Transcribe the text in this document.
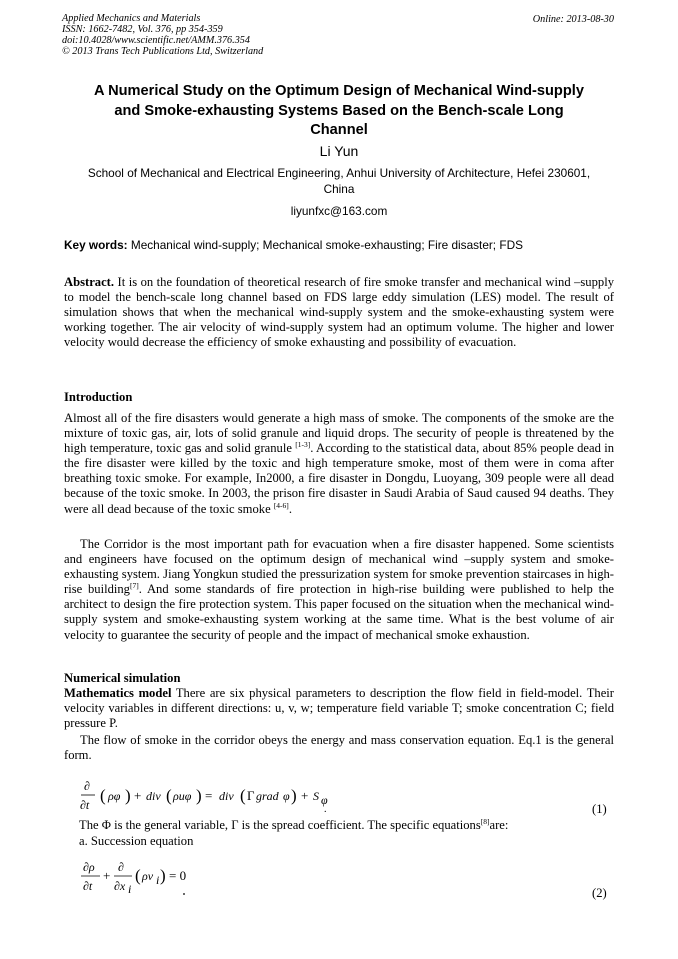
Applied Mechanics and Materials
ISSN: 1662-7482, Vol. 376, pp 354-359
doi:10.4028/www.scientific.net/AMM.376.354
© 2013 Trans Tech Publications Ltd, Switzerland
Online: 2013-08-30
A Numerical Study on the Optimum Design of Mechanical Wind-supply
and Smoke-exhausting Systems Based on the Bench-scale Long
Channel
Li Yun
School of Mechanical and Electrical Engineering, Anhui University of Architecture, Hefei 230601,
China
liyunfxc@163.com
Key words: Mechanical wind-supply; Mechanical smoke-exhausting; Fire disaster; FDS
Abstract. It is on the foundation of theoretical research of fire smoke transfer and mechanical wind –supply to model the bench-scale long channel based on FDS large eddy simulation (LES) model. The result of simulation shows that when the mechanical wind-supply system and the smoke-exhausting system were working together. The air velocity of wind-supply system had an optimum volume. The higher and lower velocity would decrease the efficiency of smoke exhausting and possibility of evacuation.
Introduction
Almost all of the fire disasters would generate a high mass of smoke. The components of the smoke are the mixture of toxic gas, air, lots of solid granule and liquid drops. The security of people is threatened by the high temperature, toxic gas and solid granule [1-3]. According to the statistical data, about 85% people dead in the fire disaster were killed by the toxic and high temperature smoke, most of them were in coma after breathing toxic smoke. For example, In2000, a fire disaster in Dongdu, Luoyang, 309 people were all dead because of the toxic smoke. In 2003, the prison fire disaster in Saudi Arabia of Saud caused 94 deaths. They were all dead because of the toxic smoke [4-6].
The Corridor is the most important path for evacuation when a fire disaster happened. Some scientists and engineers have focused on the optimum design of mechanical wind –supply system and smoke-exhausting system. Jiang Yongkun studied the pressurization system for smoke prevention staircases in high-rise building[7]. And some standards of fire protection in high-rise building were published to help the architect to design the fire protection system. This paper focused on the situation when the mechanical wind-supply system and smoke-exhausting system working at the same time. What is the best volume of air velocity to guarantee the security of people and the impact of mechanical smoke exhaustion.
Numerical simulation
Mathematics model There are six physical parameters to description the flow field in field-model. Their velocity variables in different directions: u, v, w; temperature field variable T; smoke concentration C; field pressure P.
The flow of smoke in the corridor obeys the energy and mass conservation equation. Eq.1 is the general form.
∂
∂t ( ρφ ) + div ( ρuφ ) = div ( Γ grad φ ) + S φ
.	(1)
The Φ is the general variable, Γ is the spread coefficient. The specific equations[8]are:
a. Succession equation
∂ρ
∂t
+
∂
∂x i
( ρv i ) = 0
(2)
